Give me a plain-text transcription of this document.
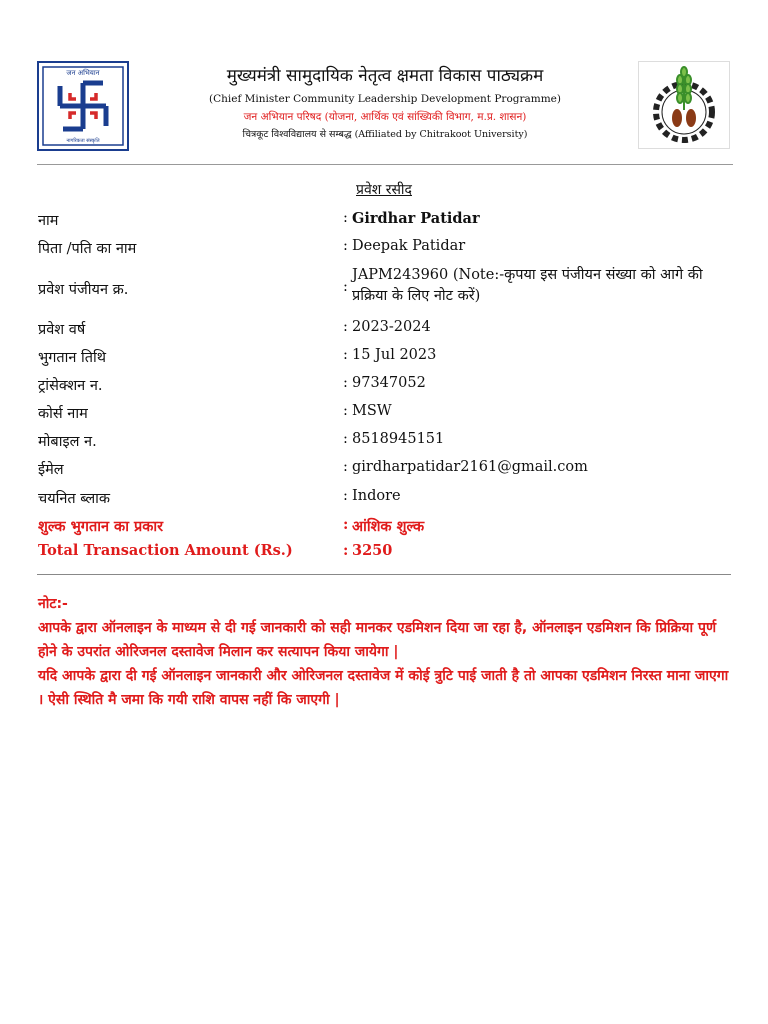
जन अभियान
नागरिकता संस्कृति
मुख्यमंत्री सामुदायिक नेतृत्व क्षमता विकास पाठ्यक्रम
(Chief Minister Community Leadership Development Programme)
जन अभियान परिषद (योजना, आर्थिक एवं सांख्यिकी विभाग, म.प्र. शासन)
चित्रकूट विश्वविद्यालय से सम्बद्ध (Affiliated by Chitrakoot University)
प्रवेश रसीद
नाम	: Girdhar Patidar
पिता /पति का नाम	: Deepak Patidar
प्रवेश पंजीयन क्र.	:
JAPM243960 (Note:-कृपया इस पंजीयन संख्या को आगे की प्रक्रिया के लिए नोट करें)
प्रवेश वर्ष	: 2023-2024
भुगतान तिथि	: 15 Jul 2023
ट्रांसेक्शन न.	: 97347052
कोर्स नाम	: MSW
मोबाइल न.	: 8518945151
ईमेल	: girdharpatidar2161@gmail.com
चयनित ब्लाक	: Indore
शुल्क भुगतान का प्रकार	: आंशिक शुल्क
Total Transaction Amount (Rs.)	: 3250

नोट:-

आपके द्वारा ऑनलाइन के माध्यम से दी गई जानकारी को सही मानकर एडमिशन दिया जा रहा है, ऑनलाइन एडमिशन कि प्रिक्रिया पूर्ण होने के उपरांत ओरिजनल दस्तावेज मिलान कर सत्यापन किया जायेगा |

यदि आपके द्वारा दी गई ऑनलाइन जानकारी और ओरिजनल दस्तावेज में कोई त्रुटि पाई जाती है तो आपका एडमिशन निरस्त माना जाएगा । ऐसी स्थिति मै जमा कि गयी राशि वापस नहीं कि जाएगी |
